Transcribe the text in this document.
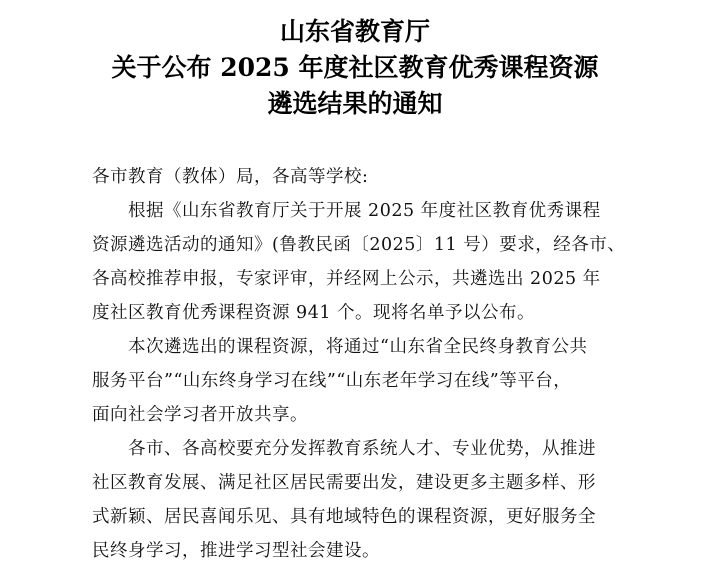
山东省教育厅
关于公布 2025 年度社区教育优秀课程资源
遴选结果的通知
各市教育（教体）局，各高等学校:

根据《山东省教育厅关于开展 2025 年度社区教育优秀课程
资源遴选活动的通知》(鲁教民函〔2025〕11 号）要求，经各市、
各高校推荐申报，专家评审，并经网上公示，共遴选出 2025 年
度社区教育优秀课程资源 941 个。现将名单予以公布。

本次遴选出的课程资源，将通过“山东省全民终身教育公共
服务平台”“山东终身学习在线”“山东老年学习在线”等平台，
面向社会学习者开放共享。

各市、各高校要充分发挥教育系统人才、专业优势，从推进
社区教育发展、满足社区居民需要出发，建设更多主题多样、形
式新颖、居民喜闻乐见、具有地域特色的课程资源，更好服务全
民终身学习，推进学习型社会建设。
